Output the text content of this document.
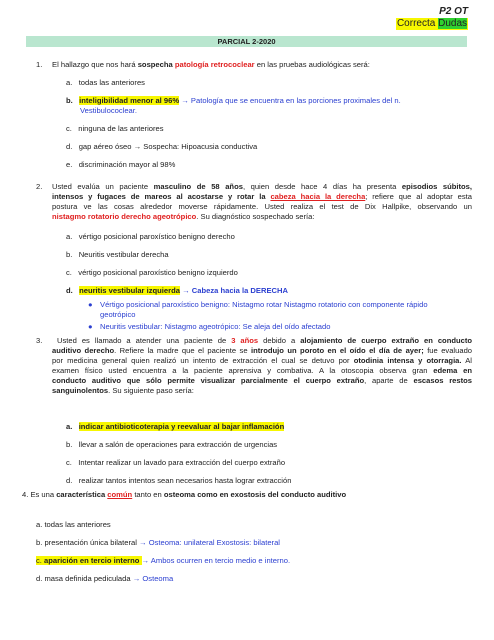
P2 OT
Correcta Dudas
PARCIAL 2-2020
1. El hallazgo que nos hará sospecha patología retrococlear en las pruebas audiológicas será:
a. todas las anteriores
b. inteligibilidad menor al 96% → Patología que se encuentra en las porciones proximales del n.
Vestibulococlear.
c. ninguna de las anteriores
d. gap aéreo óseo → Sospecha: Hipoacusia conductiva
e. discriminación mayor al 98%
2. Usted evalúa un paciente masculino de 58 años, quien desde hace 4 días ha presenta episodios súbitos,
intensos y fugaces de mareos al acostarse y rotar la cabeza hacia la derecha; refiere que al adoptar esta
postura ve las cosas alrededor moverse rápidamente. Usted realiza el test de Dix Hallpike, observando un
nistagmo rotatorio derecho ageotrópico. Su diagnóstico sospechado sería:
a. vértigo posicional paroxístico benigno derecho
b. Neuritis vestibular derecha
c. vértigo posicional paroxístico benigno izquierdo
d. neuritis vestibular izquierda → Cabeza hacia la DERECHA
● Vértigo posicional paroxístico benigno: Nistagmo rotar Nistagmo rotatorio con componente rápido
geotrópico
● Neuritis vestibular: Nistagmo ageotrópico: Se aleja del oído afectado
3.	Usted es llamado a atender una paciente de 3 años debido a alojamiento de cuerpo extraño en conducto
auditivo derecho. Refiere la madre que el paciente se introdujo un poroto en el oído el día de ayer; fue evaluado
por medicina general quien realizó un intento de extracción el cual se detuvo por otodinia intensa y otorragia. Al
examen físico usted encuentra a la paciente aprensiva y combativa. A la otoscopia observa gran edema en
conducto auditivo que sólo permite visualizar parcialmente el cuerpo extraño, aparte de escasos restos
sanguinolentos. Su siguiente paso sería:
a. indicar antibioticoterapia y reevaluar al bajar inflamación
b. llevar a salón de operaciones para extracción de urgencias
c. Intentar realizar un lavado para extracción del cuerpo extraño
d. realizar tantos intentos sean necesarios hasta lograr extracción
4. Es una característica común tanto en osteoma como en exostosis del conducto auditivo
a. todas las anteriores
b. presentación única bilateral → Osteoma: unilateral Exostosis: bilateral
c. aparición en tercio interno → Ambos ocurren en tercio medio e interno.
d. masa definida pediculada → Osteoma
